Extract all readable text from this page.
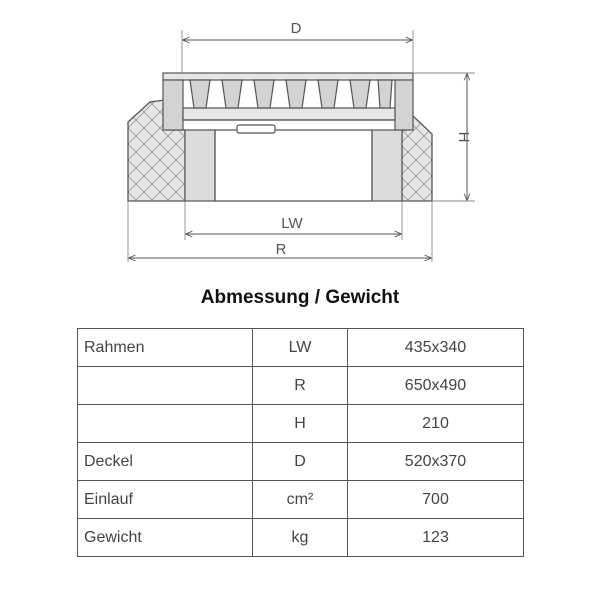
D
LW
R
H
Abmessung / Gewicht
Rahmen	LW	435x340
	R	650x490
	H	210
Deckel	D	520x370
Einlauf	cm²	700
Gewicht	kg	123
